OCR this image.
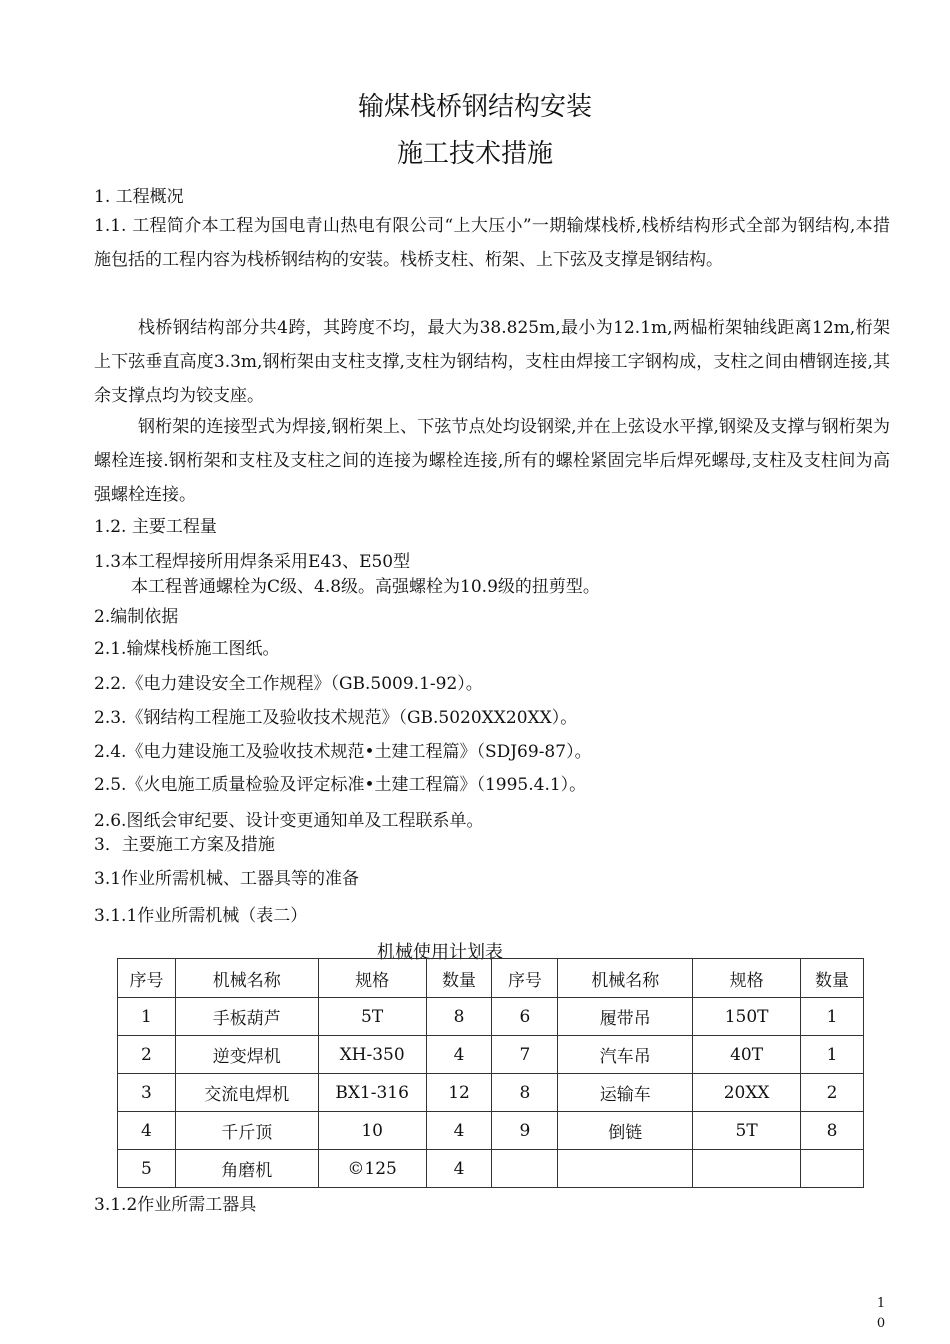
输煤栈桥钢结构安装
施工技术措施
1. 工程概况
1.1. 工程简介本工程为国电青山热电有限公司“上大压小”一期输煤栈桥,栈桥结构形式全部为钢结构,本措施包括的工程内容为栈桥钢结构的安装。栈桥支柱、桁架、上下弦及支撑是钢结构。
栈桥钢结构部分共4跨，其跨度不均，最大为38.825m,最小为12.1m,两榀桁架轴线距离12m,桁架上下弦垂直高度3.3m,钢桁架由支柱支撑,支柱为钢结构，支柱由焊接工字钢构成，支柱之间由槽钢连接,其余支撑点均为铰支座。
钢桁架的连接型式为焊接,钢桁架上、下弦节点处均设钢梁,并在上弦设水平撑,钢梁及支撑与钢桁架为螺栓连接.钢桁架和支柱及支柱之间的连接为螺栓连接,所有的螺栓紧固完毕后焊死螺母,支柱及支柱间为高强螺栓连接。
1.2. 主要工程量
1.3本工程焊接所用焊条采用E43、E50型
本工程普通螺栓为C级、4.8级。高强螺栓为10.9级的扭剪型。
2.编制依据
2.1.输煤栈桥施工图纸。
2.2.《电力建设安全工作规程》（GB.5009.1-92）。
2.3.《钢结构工程施工及验收技术规范》（GB.5020XX20XX）。
2.4.《电力建设施工及验收技术规范•土建工程篇》（SDJ69-87）。
2.5.《火电施工质量检验及评定标准•土建工程篇》（1995.4.1）。
2.6.图纸会审纪要、设计变更通知单及工程联系单。
3．主要施工方案及措施
3.1作业所需机械、工器具等的准备
3.1.1作业所需机械（表二）
机械使用计划表
序号	机械名称	规格	数量	序号	机械名称	规格	数量
1	手板葫芦	5T	8	6	履带吊	150T	1
2	逆变焊机	XH-350	4	7	汽车吊	40T	1
3	交流电焊机	BX1-316	12	8	运输车	20XX	2
4	千斤顶	10	4	9	倒链	5T	8
5	角磨机	©125	4				
3.1.2作业所需工器具
1
0
